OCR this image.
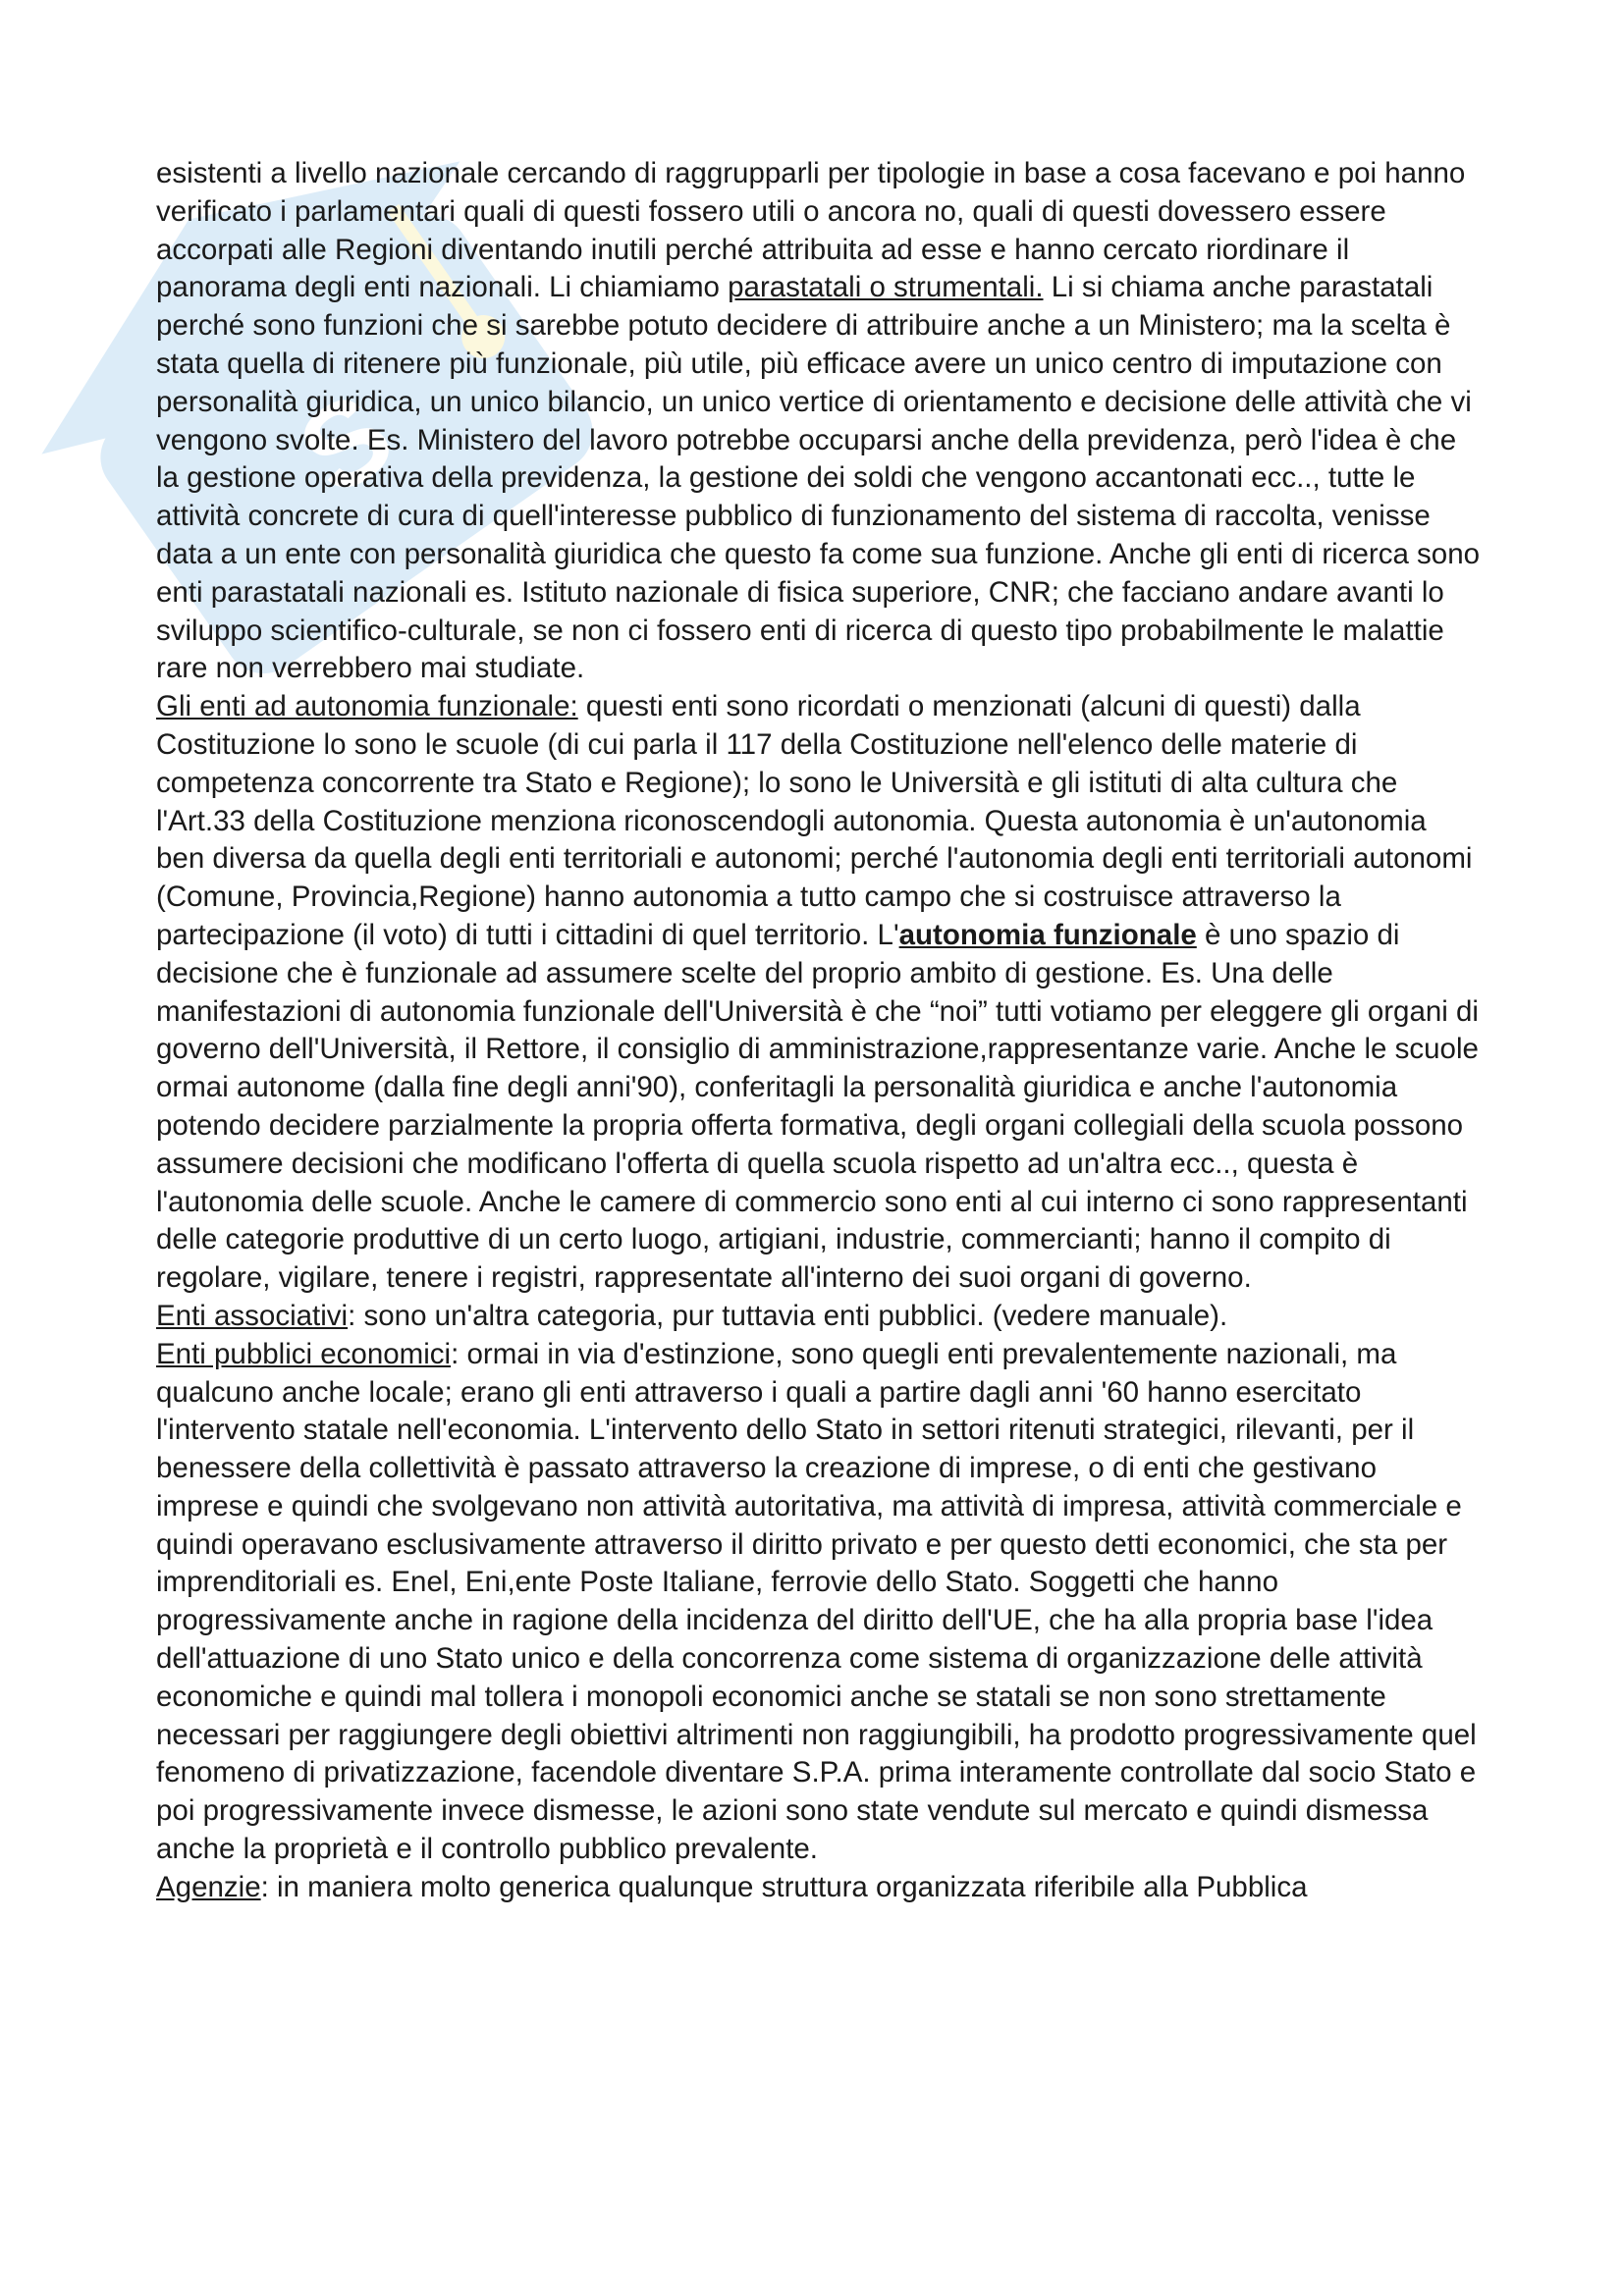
S

esistenti a livello nazionale cercando di raggrupparli per tipologie in base a cosa facevano e poi hanno verificato i parlamentari quali di questi fossero utili o ancora no, quali di questi dovessero essere accorpati alle Regioni diventando inutili perché attribuita ad esse e hanno cercato riordinare il panorama degli enti nazionali. Li chiamiamo parastatali o strumentali. Li si chiama anche parastatali perché sono funzioni che si sarebbe potuto decidere di attribuire anche a un Ministero; ma la scelta è stata quella di ritenere più funzionale, più utile, più efficace avere un unico centro di imputazione con personalità giuridica, un unico bilancio, un unico vertice di orientamento e decisione delle attività che vi vengono svolte. Es. Ministero del lavoro potrebbe occuparsi anche della previdenza, però l'idea è che la gestione operativa della previdenza, la gestione dei soldi che vengono accantonati ecc.., tutte le attività concrete di cura di quell'interesse pubblico di funzionamento del sistema di raccolta, venisse data a un ente con personalità giuridica che questo fa come sua funzione. Anche gli enti di ricerca sono enti parastatali nazionali es. Istituto nazionale di fisica superiore, CNR; che facciano andare avanti lo sviluppo scientifico-culturale, se non ci fossero enti di ricerca di questo tipo probabilmente le malattie rare non verrebbero mai studiate.

Gli enti ad autonomia funzionale: questi enti sono ricordati o menzionati (alcuni di questi) dalla Costituzione lo sono le scuole (di cui parla il 117 della Costituzione nell'elenco delle materie di competenza concorrente tra Stato e Regione); lo sono le Università e gli istituti di alta cultura che l'Art.33 della Costituzione menziona riconoscendogli autonomia. Questa autonomia è un'autonomia ben diversa da quella degli enti territoriali e autonomi; perché l'autonomia degli enti territoriali autonomi (Comune, Provincia,Regione) hanno autonomia a tutto campo che si costruisce attraverso la partecipazione (il voto) di tutti i cittadini di quel territorio. L'autonomia funzionale è uno spazio di decisione che è funzionale ad assumere scelte del proprio ambito di gestione. Es. Una delle manifestazioni di autonomia funzionale dell'Università è che “noi” tutti votiamo per eleggere gli organi di governo dell'Università, il Rettore, il consiglio di amministrazione,rappresentanze varie. Anche le scuole ormai autonome (dalla fine degli anni'90), conferitagli la personalità giuridica e anche l'autonomia potendo decidere parzialmente la propria offerta formativa, degli organi collegiali della scuola possono assumere decisioni che modificano l'offerta di quella scuola rispetto ad un'altra ecc.., questa è l'autonomia delle scuole. Anche le camere di commercio sono enti al cui interno ci sono rappresentanti delle categorie produttive di un certo luogo, artigiani, industrie, commercianti; hanno il compito di regolare, vigilare, tenere i registri, rappresentate all'interno dei suoi organi di governo.

Enti associativi: sono un'altra categoria, pur tuttavia enti pubblici. (vedere manuale).

Enti pubblici economici: ormai in via d'estinzione, sono quegli enti prevalentemente nazionali, ma qualcuno anche locale; erano gli enti attraverso i quali a partire dagli anni '60 hanno esercitato l'intervento statale nell'economia. L'intervento dello Stato in settori ritenuti strategici, rilevanti, per il benessere della collettività è passato attraverso la creazione di imprese, o di enti che gestivano imprese e quindi che svolgevano non attività autoritativa, ma attività di impresa, attività commerciale e quindi operavano esclusivamente attraverso il diritto privato e per questo detti economici, che sta per imprenditoriali es. Enel, Eni,ente Poste Italiane, ferrovie dello Stato. Soggetti che hanno progressivamente anche in ragione della incidenza del diritto dell'UE, che ha alla propria base l'idea dell'attuazione di uno Stato unico e della concorrenza come sistema di organizzazione delle attività economiche e quindi mal tollera i monopoli economici anche se statali se non sono strettamente necessari per raggiungere degli obiettivi altrimenti non raggiungibili, ha prodotto progressivamente quel fenomeno di privatizzazione, facendole diventare S.P.A. prima interamente controllate dal socio Stato e poi progressivamente invece dismesse, le azioni sono state vendute sul mercato e quindi dismessa anche la proprietà e il controllo pubblico prevalente.

Agenzie: in maniera molto generica qualunque struttura organizzata riferibile alla Pubblica
